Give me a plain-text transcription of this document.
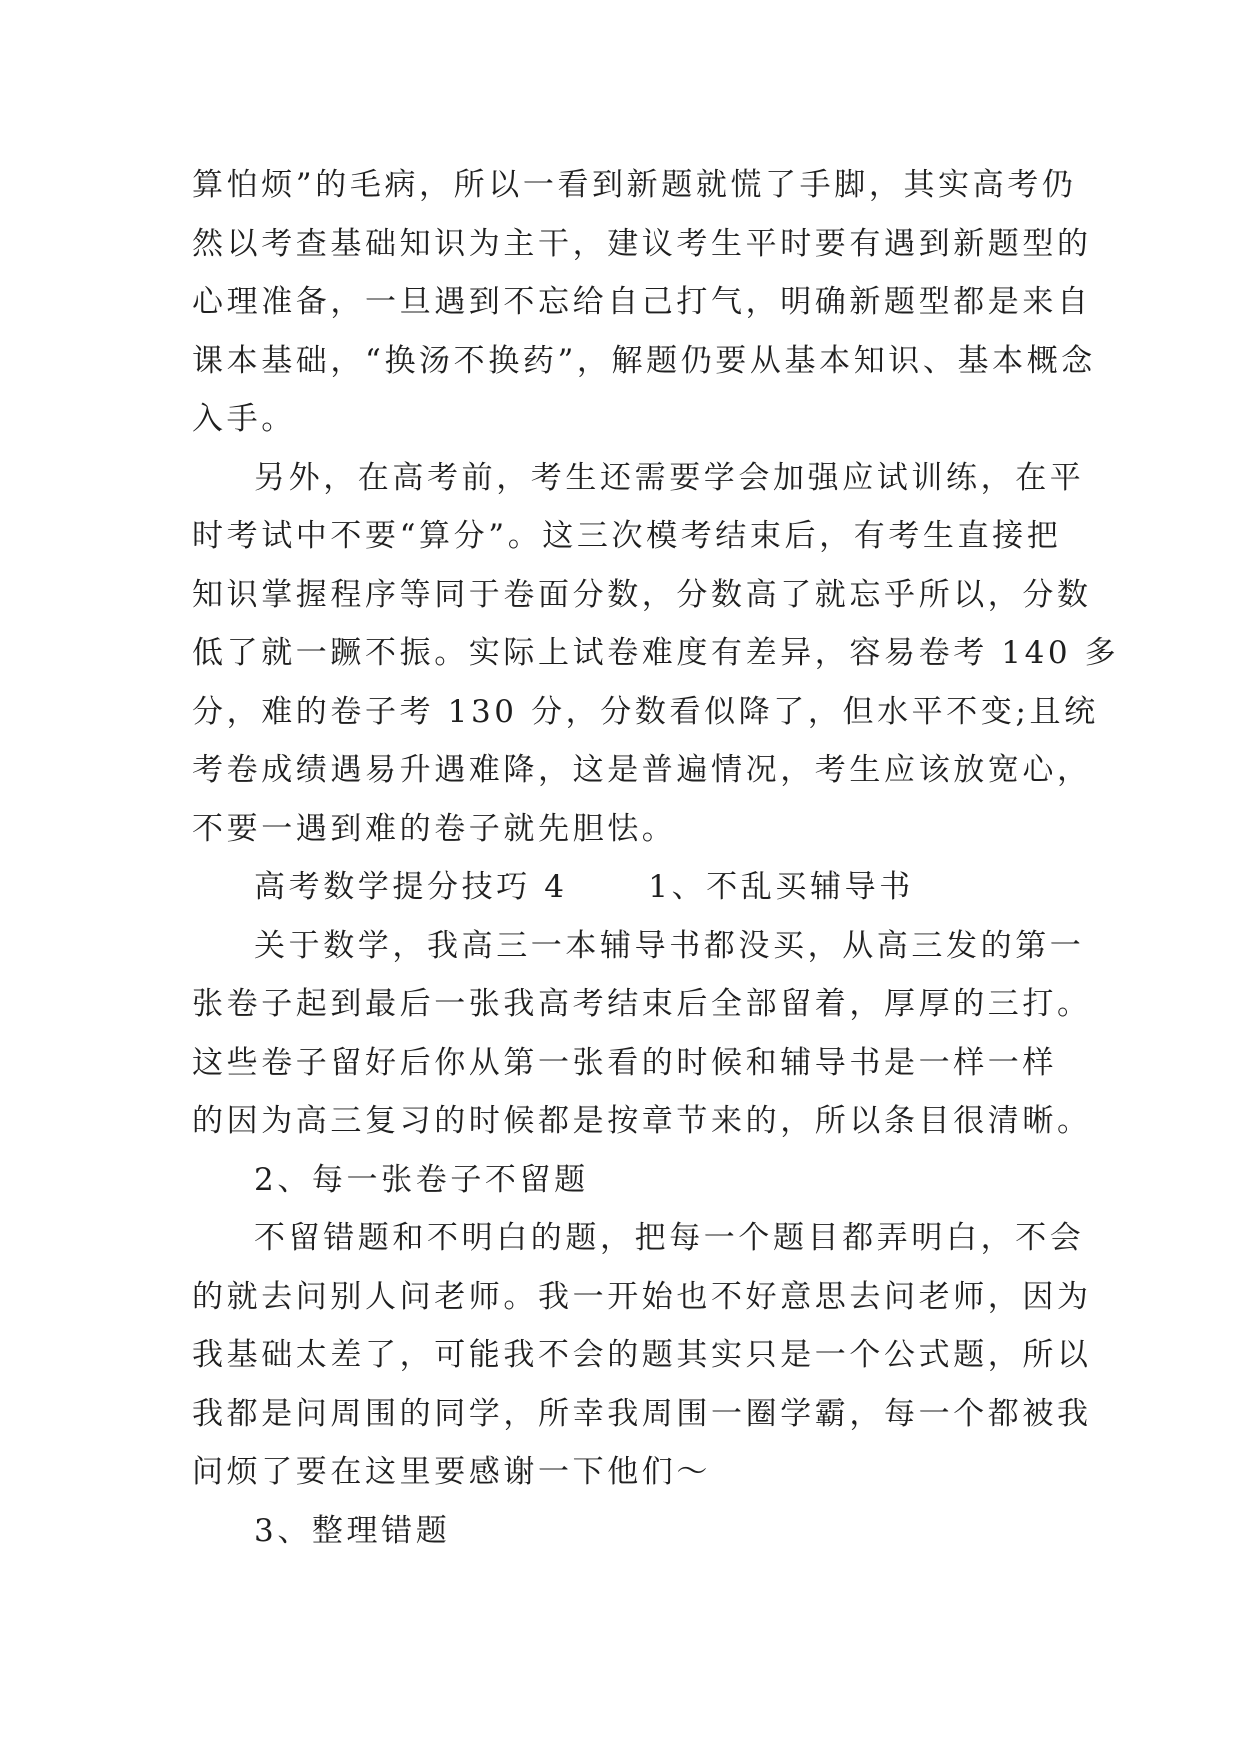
算怕烦”的毛病，所以一看到新题就慌了手脚，其实高考仍
然以考查基础知识为主干，建议考生平时要有遇到新题型的
心理准备，一旦遇到不忘给自己打气，明确新题型都是来自
课本基础，“换汤不换药”，解题仍要从基本知识、基本概念
入手。
另外，在高考前，考生还需要学会加强应试训练，在平
时考试中不要“算分”。这三次模考结束后，有考生直接把
知识掌握程序等同于卷面分数，分数高了就忘乎所以，分数
低了就一蹶不振。实际上试卷难度有差异，容易卷考 140 多
分，难的卷子考 130 分，分数看似降了，但水平不变;且统
考卷成绩遇易升遇难降，这是普遍情况，考生应该放宽心，
不要一遇到难的卷子就先胆怯。
高考数学提分技巧 4      1、不乱买辅导书
关于数学，我高三一本辅导书都没买，从高三发的第一
张卷子起到最后一张我高考结束后全部留着，厚厚的三打。
这些卷子留好后你从第一张看的时候和辅导书是一样一样
的因为高三复习的时候都是按章节来的，所以条目很清晰。
2、每一张卷子不留题
不留错题和不明白的题，把每一个题目都弄明白，不会
的就去问别人问老师。我一开始也不好意思去问老师，因为
我基础太差了，可能我不会的题其实只是一个公式题，所以
我都是问周围的同学，所幸我周围一圈学霸，每一个都被我
问烦了要在这里要感谢一下他们～
3、整理错题
